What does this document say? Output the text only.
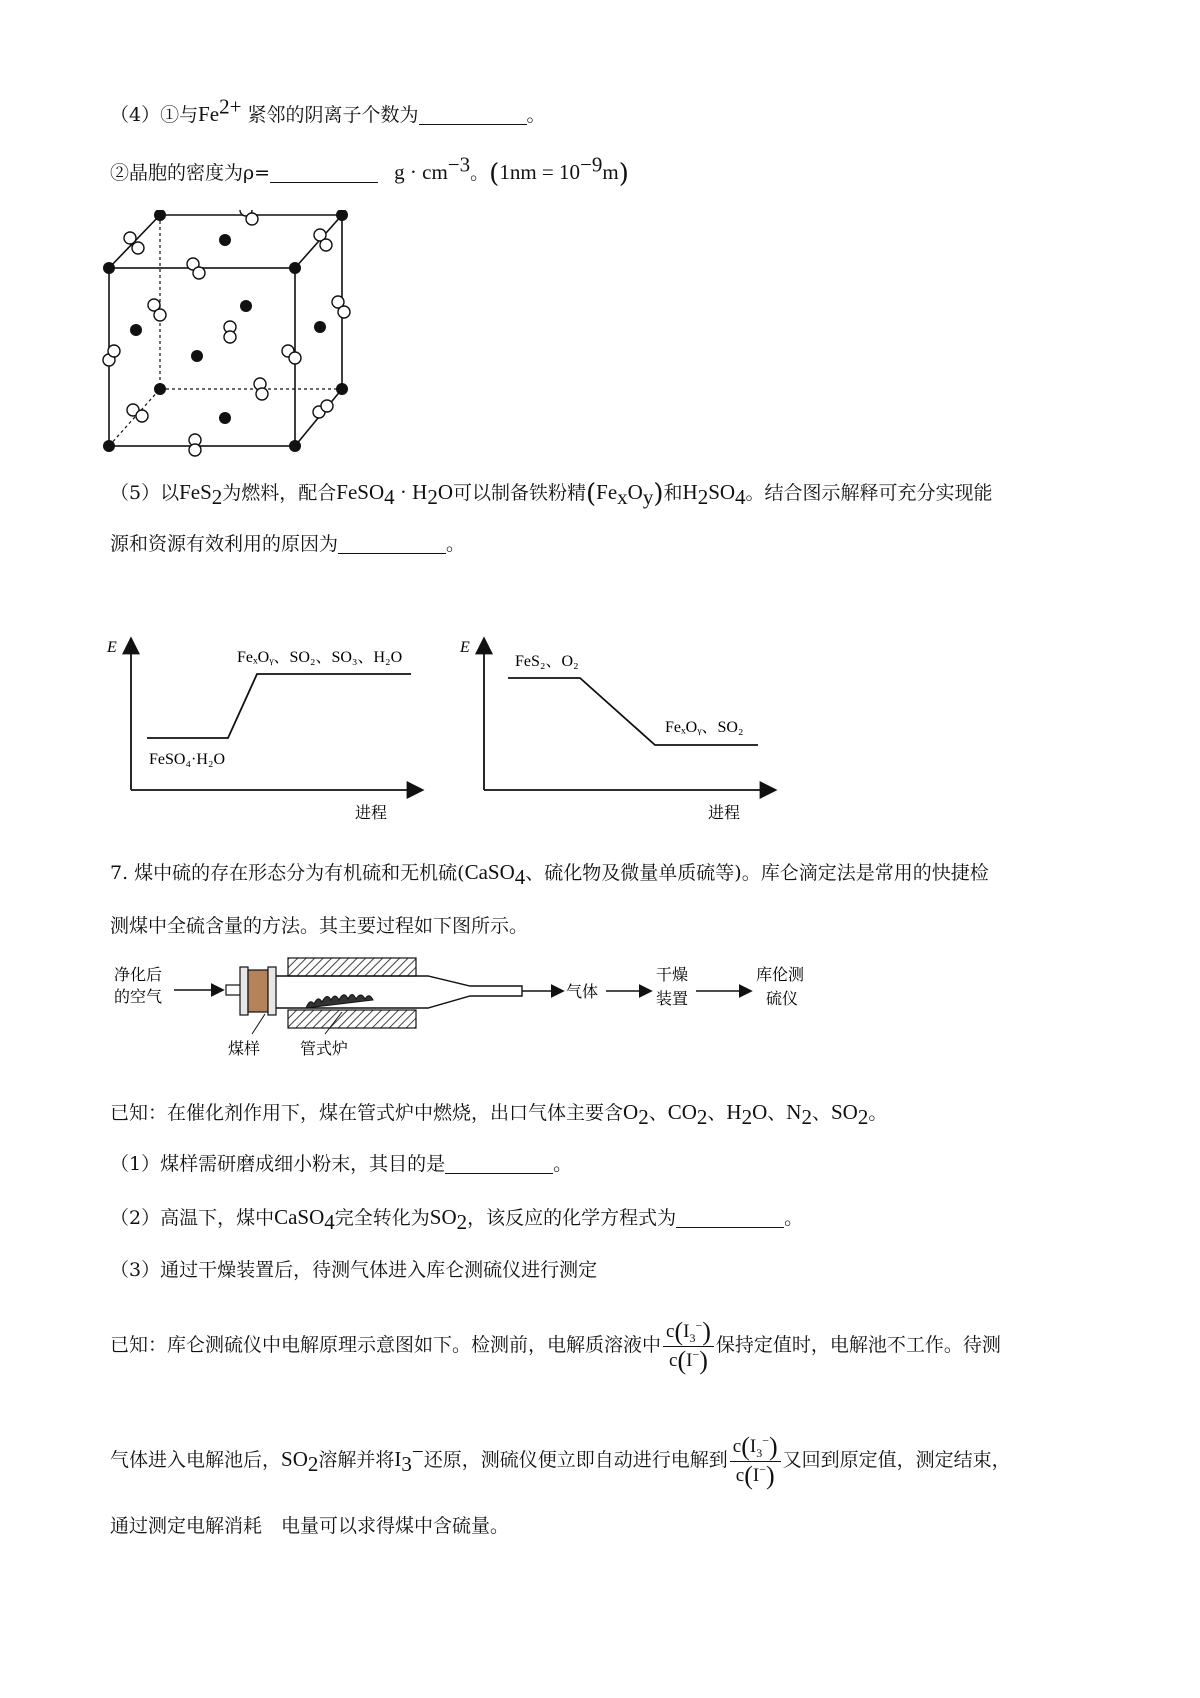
（4）①与$Fe^{2+}$ 紧邻的阴离子个数为	。
②晶胞的密度为ρ=	$g \cdot cm^{-3}$。$(1nm = 10^{-9}m)$
（5）以FeS$_2$为燃料，配合FeSO$_4$ · $H_2O$可以制备铁粉精$(Fe_xO_y)$和$H_2SO_4$。结合图示解释可充分实现能
源和资源有效利用的原因为	。
E
进程
FeSO₄·H₂O
FeₓOᵧ、SO₂、SO₃、H₂O
E
进程
FeS₂、O₂
FeₓOᵧ、SO₂
7. 煤中硫的存在形态分为有机硫和无机硫(CaSO$_4$、硫化物及微量单质硫等)。库仑滴定法是常用的快捷检
测煤中全硫含量的方法。其主要过程如下图所示。
净化后
的空气
煤样 管式炉
气体
干燥
装置
库伦测
硫仪
已知：在催化剂作用下，煤在管式炉中燃烧，出口气体主要含$O_2$、$CO_2$、$H_2O$、$N_2$、$SO_2$。
（1）煤样需研磨成细小粉末，其目的是	。
（2）高温下，煤中CaSO$_4$完全转化为$SO_2$，该反应的化学方程式为	。
（3）通过干燥装置后，待测气体进入库仑测硫仪进行测定
已知：库仑测硫仪中电解原理示意图如下。检测前，电解质溶液中 $\frac{c(I_3^-)}{c(I^-)}$ 保持定值时，电解池不工作。待测
气体进入电解池后，$SO_2$溶解并将$I_3^-$还原，测硫仪便立即自动进行电解到 $\frac{c(I_3^-)}{c(I^-)}$ 又回到原定值，测定结束，
通过测定电解消耗　电量可以求得煤中含硫量。
